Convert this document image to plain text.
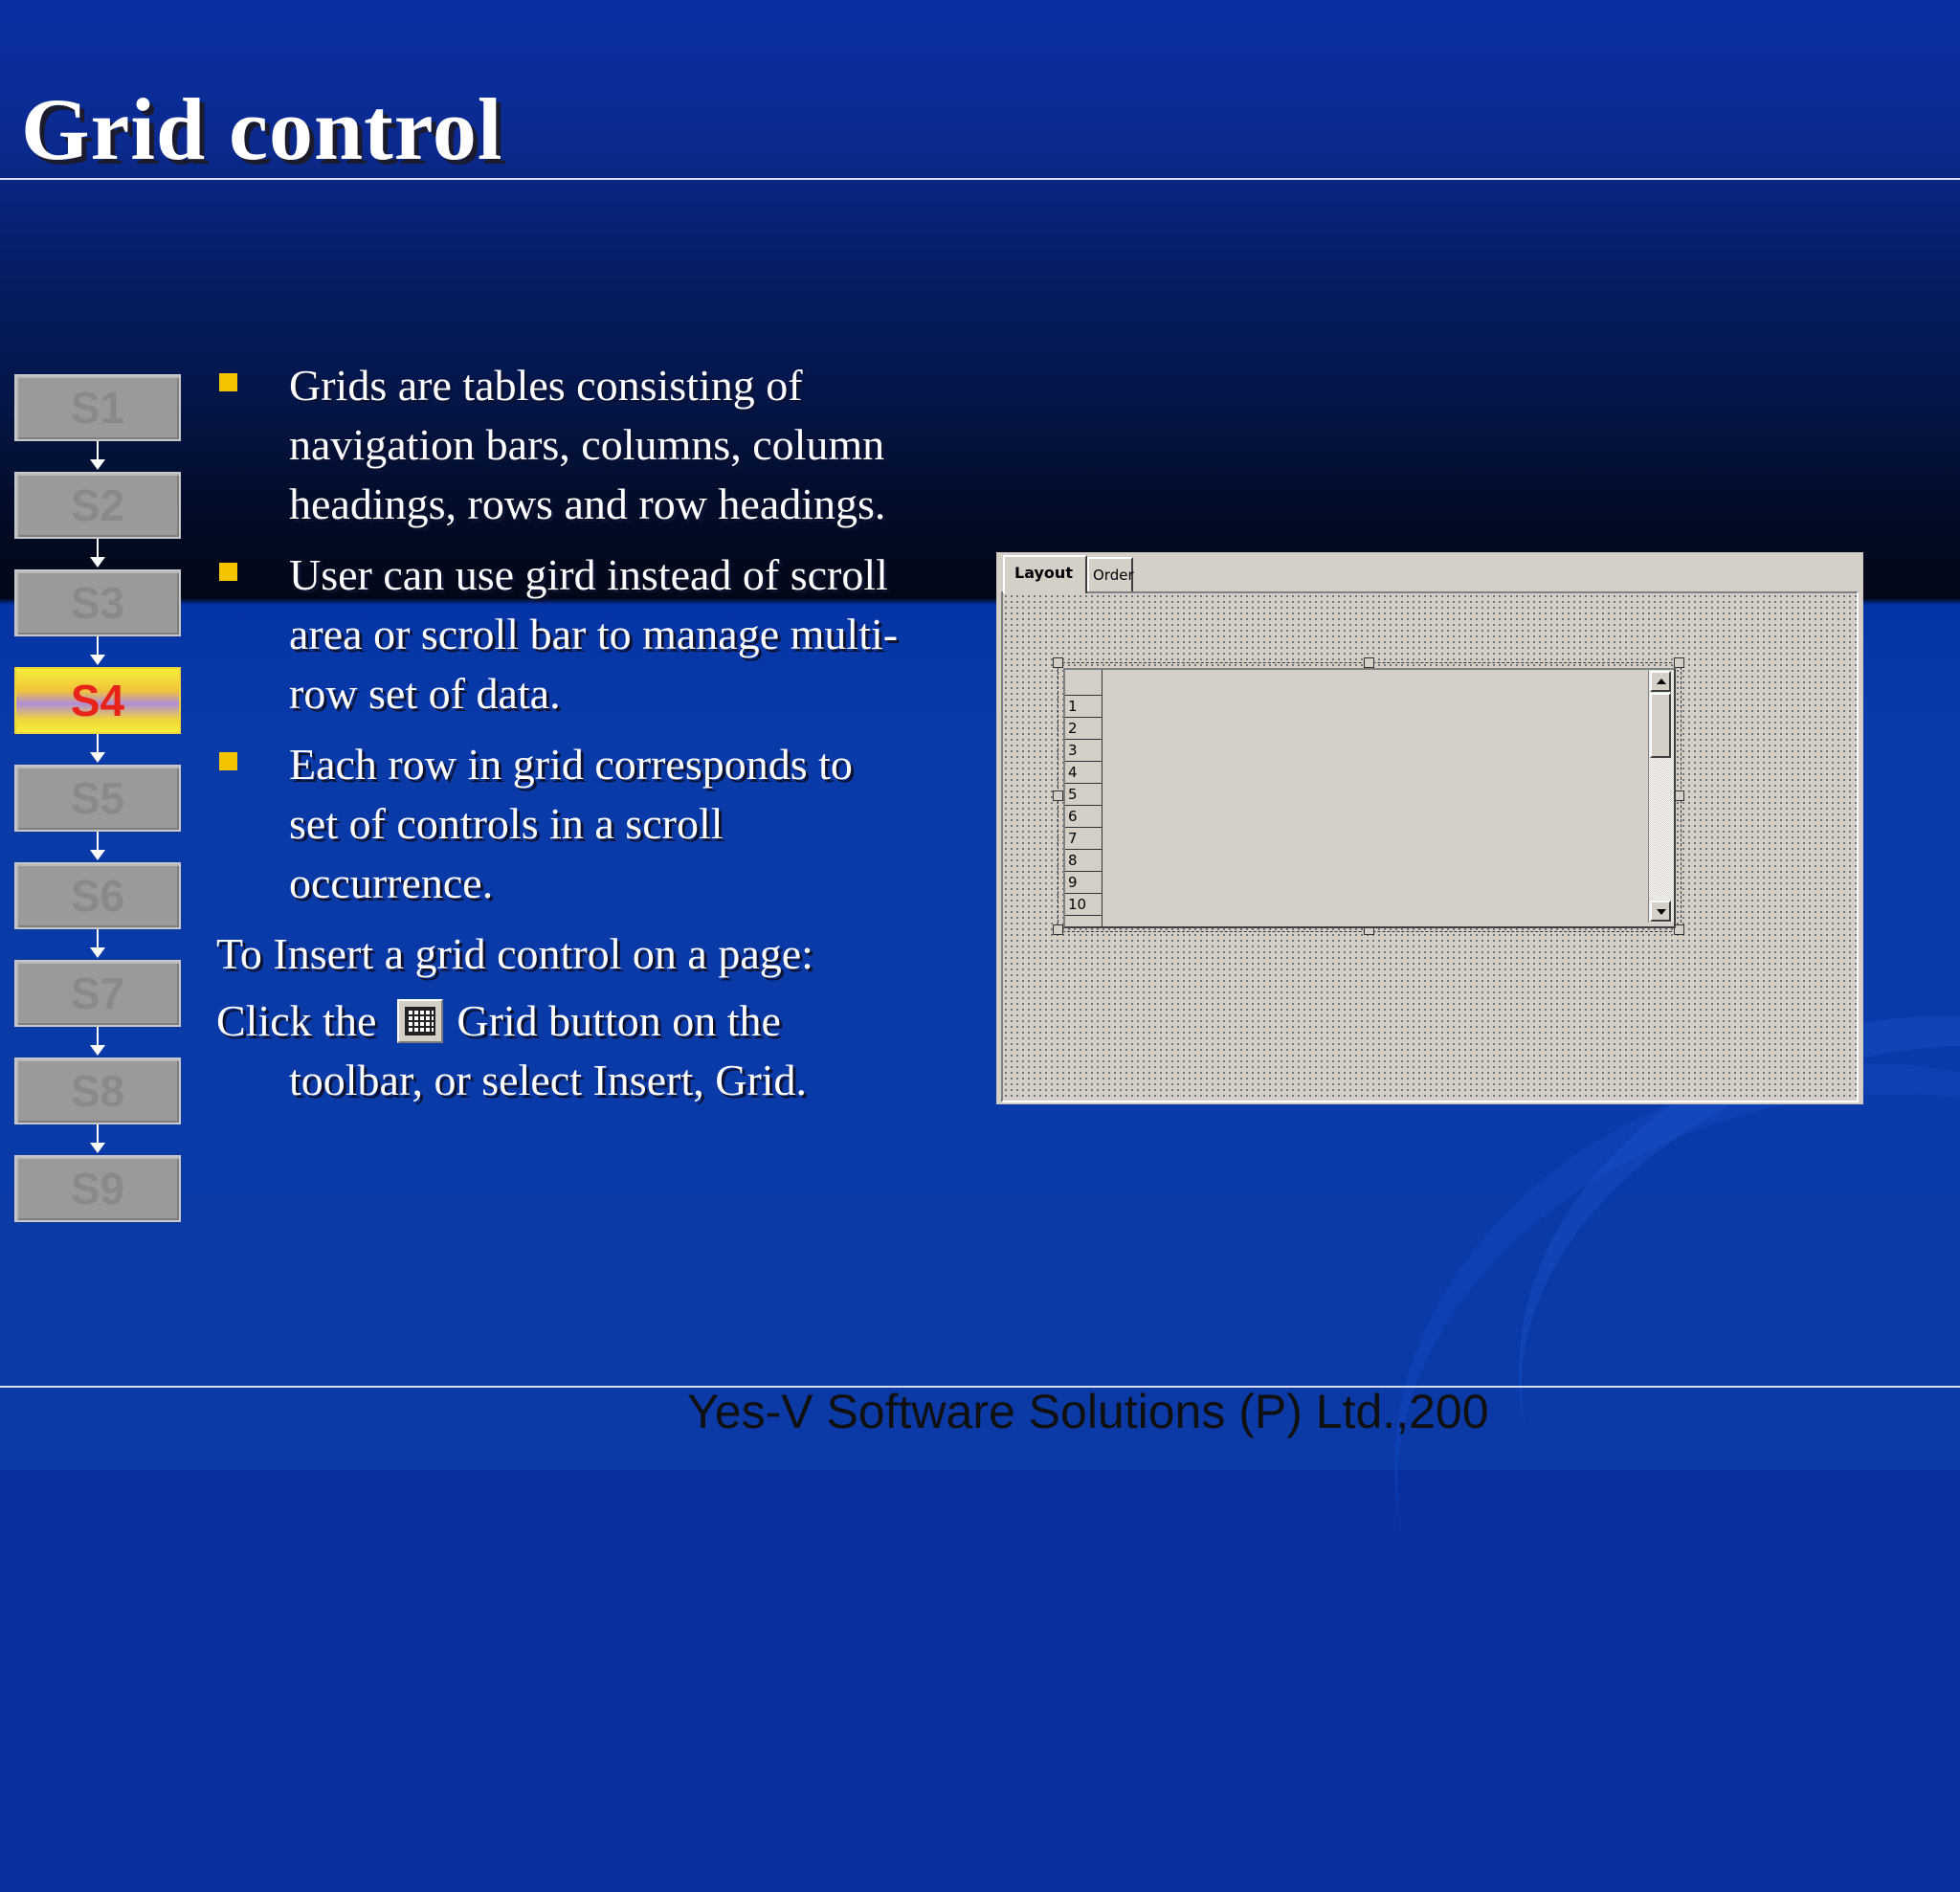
Grid control
S1
S2
S3
S4
S5
S6
S7
S8
S9
Grids are tables consisting of
navigation bars, columns, column
headings, rows and row headings.
User can use gird instead of scroll
area or scroll bar to manage multi-
row set of data.
Each row in grid corresponds to
set of controls in a scroll
occurrence.
To Insert a grid control on a page:
Click the Grid button on the
toolbar, or select Insert, Grid.
Layout	Order
1
2
3
4
5
6
7
8
9
10
Yes-V Software Solutions (P) Ltd.,200
